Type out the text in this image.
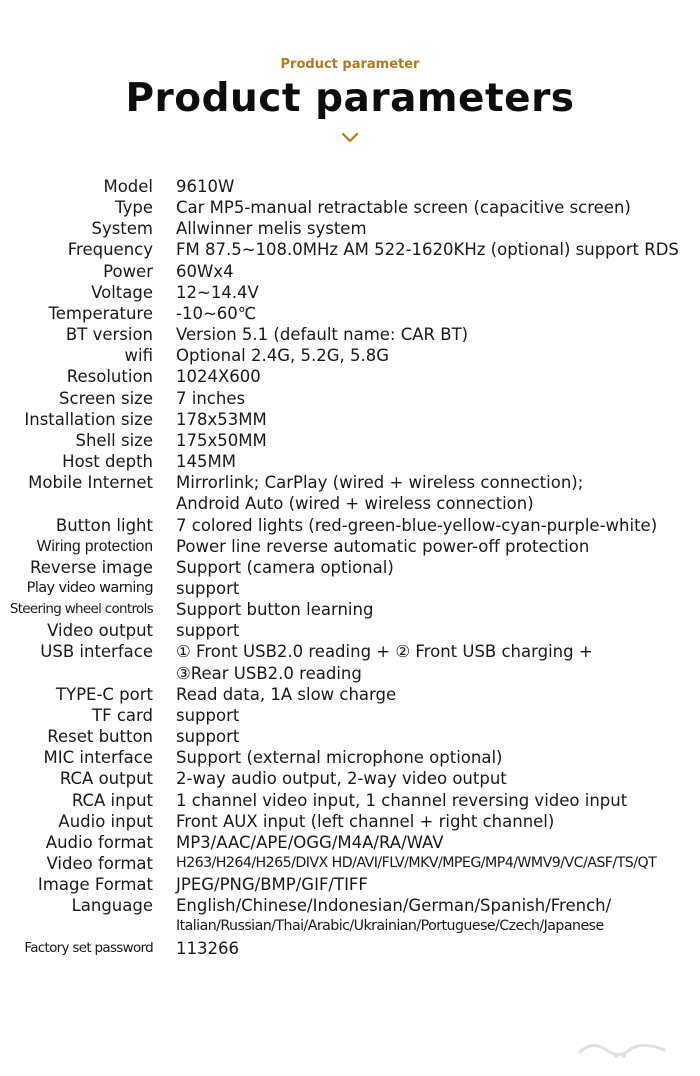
Product parameter
Product parameters
Model 9610W
Type Car MP5-manual retractable screen (capacitive screen)
System Allwinner melis system
Frequency FM 87.5~108.0MHz AM 522-1620KHz (optional) support RDS
Power 60Wx4
Voltage 12~14.4V
Temperature -10~60℃
BT version Version 5.1 (default name: CAR BT)
wifi Optional 2.4G, 5.2G, 5.8G
Resolution 1024X600
Screen size 7 inches
Installation size 178x53MM
Shell size 175x50MM
Host depth 145MM
Mobile Internet Mirrorlink; CarPlay (wired + wireless connection);
Android Auto (wired + wireless connection)
Button light 7 colored lights (red-green-blue-yellow-cyan-purple-white)
Wiring protection Power line reverse automatic power-off protection
Reverse image Support (camera optional)
Play video warning support
Steering wheel controls Support button learning
Video output support
USB interface ① Front USB2.0 reading + ② Front USB charging +
③Rear USB2.0 reading
TYPE-C port Read data, 1A slow charge
TF card support
Reset button support
MIC interface Support (external microphone optional)
RCA output 2-way audio output, 2-way video output
RCA input 1 channel video input, 1 channel reversing video input
Audio input Front AUX input (left channel + right channel)
Audio format MP3/AAC/APE/OGG/M4A/RA/WAV
Video format H263/H264/H265/DIVX HD/AVI/FLV/MKV/MPEG/MP4/WMV9/VC/ASF/TS/QT
Image Format JPEG/PNG/BMP/GIF/TIFF
Language English/Chinese/Indonesian/German/Spanish/French/
Italian/Russian/Thai/Arabic/Ukrainian/Portuguese/Czech/Japanese
Factory set password 113266
